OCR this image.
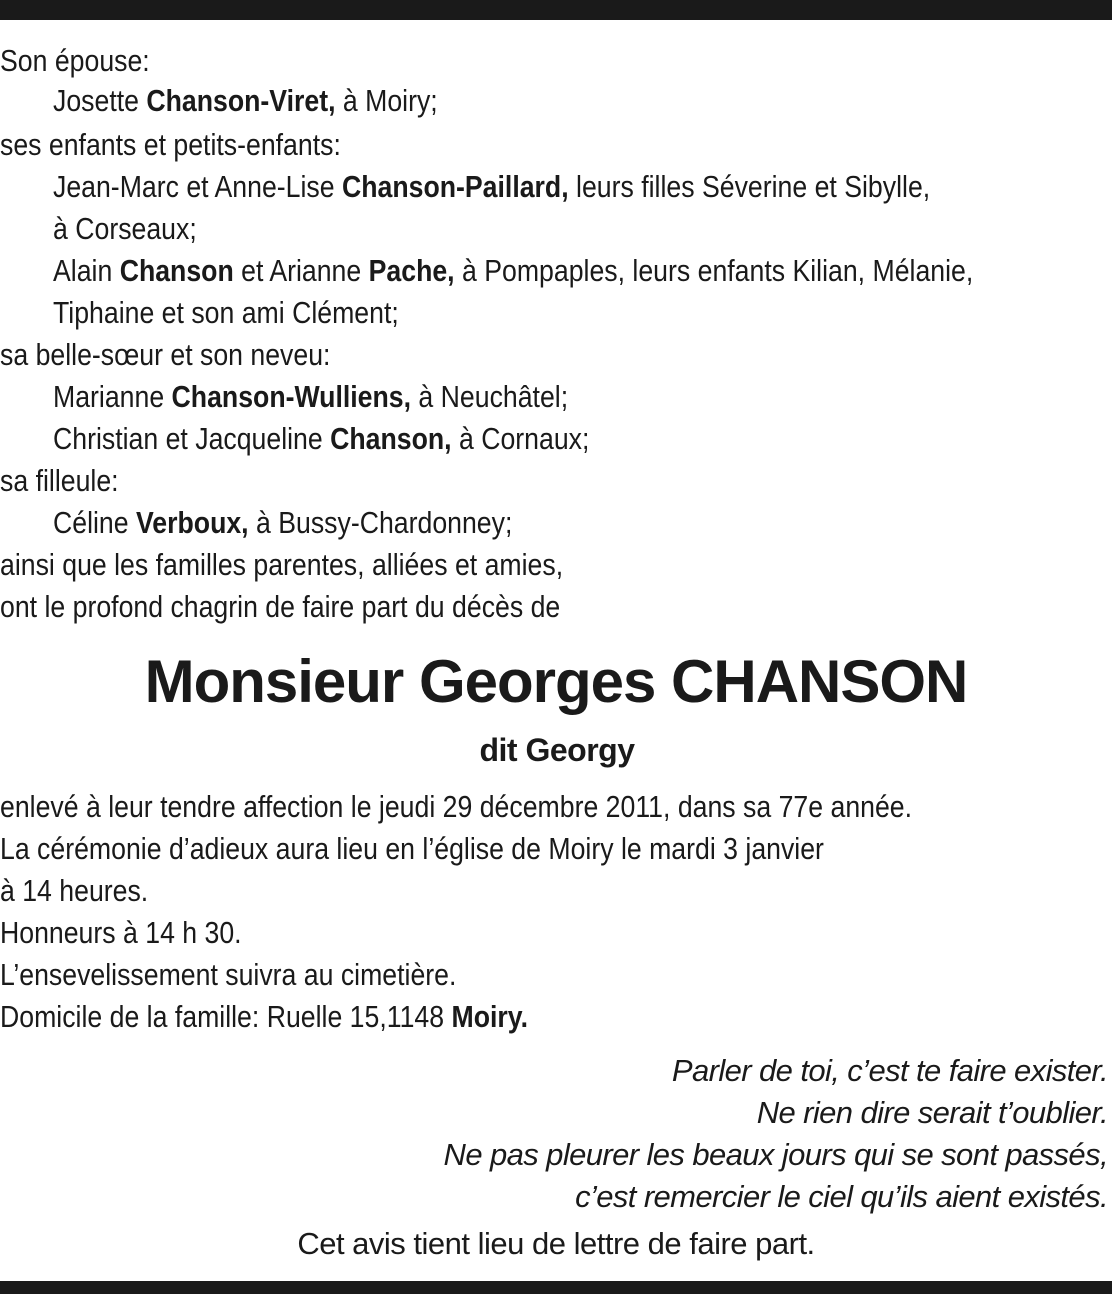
Son épouse:
Josette Chanson-Viret, à Moiry;
ses enfants et petits-enfants:
Jean-Marc et Anne-Lise Chanson-Paillard, leurs filles Séverine et Sibylle,
à Corseaux;
Alain Chanson et Arianne Pache, à Pompaples, leurs enfants Kilian, Mélanie,
Tiphaine et son ami Clément;
sa belle-sœur et son neveu:
Marianne Chanson-Wulliens, à Neuchâtel;
Christian et Jacqueline Chanson, à Cornaux;
sa filleule:
Céline Verboux, à Bussy-Chardonney;
ainsi que les familles parentes, alliées et amies,
ont le profond chagrin de faire part du décès de
Monsieur Georges CHANSON
dit Georgy
enlevé à leur tendre affection le jeudi 29 décembre 2011, dans sa 77e année.
La cérémonie d’adieux aura lieu en l’église de Moiry le mardi 3 janvier
à 14 heures.
Honneurs à 14 h 30.
L’ensevelissement suivra au cimetière.
Domicile de la famille: Ruelle 15,1148 Moiry.
Parler de toi, c’est te faire exister.
Ne rien dire serait t’oublier.
Ne pas pleurer les beaux jours qui se sont passés,
c’est remercier le ciel qu’ils aient existés.
Cet avis tient lieu de lettre de faire part.
